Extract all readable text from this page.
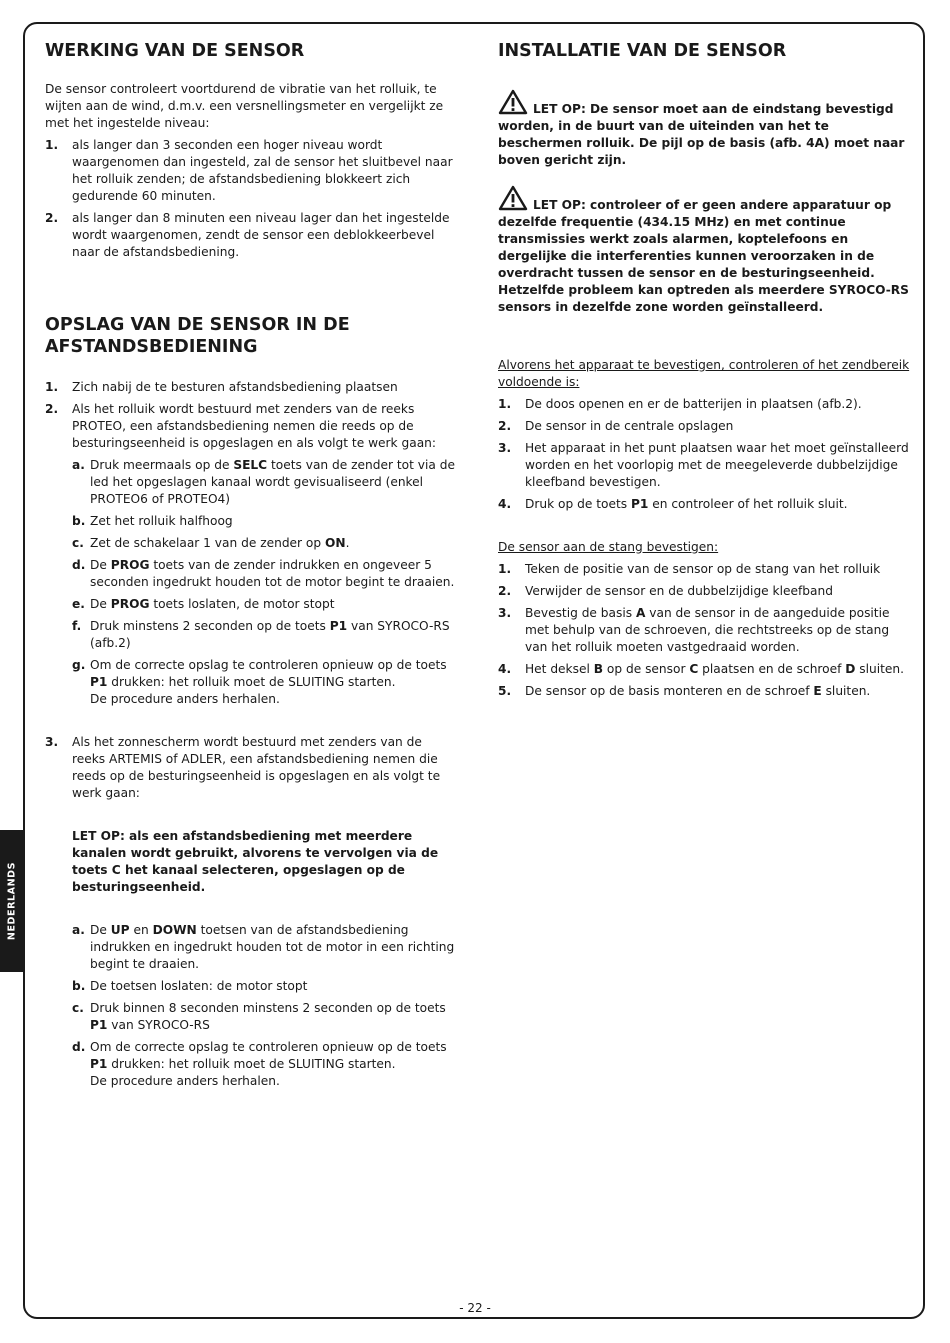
NEDERLANDS
WERKING VAN DE SENSOR

De sensor controleert voortdurend de vibratie van het rolluik, te wijten aan de wind, d.m.v. een versnellingsmeter en vergelijkt ze met het ingestelde niveau:

1.	als langer dan 3 seconden een hoger niveau wordt waargenomen dan ingesteld, zal de sensor het sluitbevel naar het rolluik zenden; de afstandsbediening blokkeert zich gedurende 60 minuten.
2.	als langer dan 8 minuten een niveau lager dan het ingestelde wordt waargenomen, zendt de sensor een deblokkeerbevel naar de afstandsbediening.
OPSLAG VAN DE SENSOR IN DE AFSTANDSBEDIENING
1.	Zich nabij de te besturen afstandsbediening plaatsen
2.	Als het rolluik wordt bestuurd met zenders van de reeks PROTEO, een afstandsbediening nemen die reeds op de besturingseenheid is opgeslagen en als volgt te werk gaan:

a. Druk meermaals op de SELC toets van de zender tot via de led het opgeslagen kanaal wordt gevisualiseerd (enkel PROTEO6 of PROTEO4)
b. Zet het rolluik halfhoog
c. Zet de schakelaar 1 van de zender op ON.
d. De PROG toets van de zender indrukken en ongeveer 5 seconden ingedrukt houden tot de motor begint te draaien.
e. De PROG toets loslaten, de motor stopt
f. Druk minstens 2 seconden op de toets P1 van SYROCO-RS (afb.2)
g. Om de correcte opslag te controleren opnieuw op de toets P1 drukken: het rolluik moet de SLUITING starten.
De procedure anders herhalen.
3.	Als het zonnescherm wordt bestuurd met zenders van de reeks ARTEMIS of ADLER, een afstandsbediening nemen die reeds op de besturingseenheid is opgeslagen en als volgt te werk gaan:

LET OP: als een afstandsbediening met meerdere kanalen wordt gebruikt, alvorens te vervolgen via de toets C het kanaal selecteren, opgeslagen op de besturingseenheid.

a. De UP en DOWN toetsen van de afstandsbediening indrukken en ingedrukt houden tot de motor in een richting begint te draaien.
b. De toetsen loslaten: de motor stopt
c. Druk binnen 8 seconden minstens 2 seconden op de toets P1 van SYROCO-RS
d. Om de correcte opslag te controleren opnieuw op de toets P1 drukken: het rolluik moet de SLUITING starten.
De procedure anders herhalen.
INSTALLATIE VAN DE SENSOR

LET OP: De sensor moet aan de eindstang bevestigd worden, in de buurt van de uiteinden van het te beschermen rolluik. De pijl op de basis (afb. 4A) moet naar boven gericht zijn.

LET OP: controleer of er geen andere apparatuur op dezelfde frequentie (434.15 MHz) en met continue transmissies werkt zoals alarmen, koptelefoons en dergelijke die interferenties kunnen veroorzaken in de overdracht tussen de sensor en de besturingseenheid. Hetzelfde probleem kan optreden als meerdere SYROCO-RS sensors in dezelfde zone worden geïnstalleerd.

Alvorens het apparaat te bevestigen, controleren of het zendbereik voldoende is:

1.	De doos openen en er de batterijen in plaatsen (afb.2).
2.	De sensor in de centrale opslagen
3.	Het apparaat in het punt plaatsen waar het moet geïnstalleerd worden en het voorlopig met de meegeleverde dubbelzijdige kleefband bevestigen.
4.	Druk op de toets P1 en controleer of het rolluik sluit.

De sensor aan de stang bevestigen:

1.	Teken de positie van de sensor op de stang van het rolluik
2.	Verwijder de sensor en de dubbelzijdige kleefband
3.	Bevestig de basis A van de sensor in de aangeduide positie met behulp van de schroeven, die rechtstreeks op de stang van het rolluik moeten vastgedraaid worden.
4.	Het deksel B op de sensor C plaatsen en de schroef D sluiten.
5.	De sensor op de basis monteren en de schroef E sluiten.
- 22 -
